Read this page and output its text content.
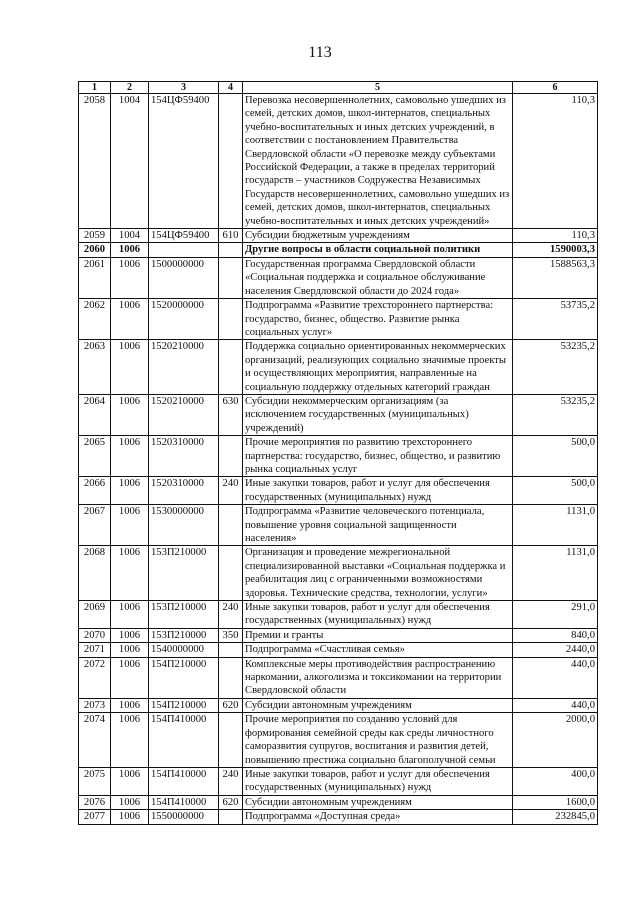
113
1	2	3	4	5	6
2058	1004	154ЦФ59400		Перевозка несовершеннолетних, самовольно ушедших из семей, детских домов, школ-интернатов, специальных учебно-воспитательных и иных детских учреждений, в соответствии с постановлением Правительства Свердловской области «О перевозке между субъектами Российской Федерации, а также в пределах территорий государств – участников Содружества Независимых Государств несовершеннолетних, самовольно ушедших из семей, детских домов, школ-интернатов, специальных учебно-воспитательных и иных детских учреждений»	110,3
2059	1004	154ЦФ59400	610	Субсидии бюджетным учреждениям	110,3
2060	1006			Другие вопросы в области социальной политики	1590003,3
2061	1006	1500000000		Государственная программа Свердловской области «Социальная поддержка и социальное обслуживание населения Свердловской области до 2024 года»	1588563,3
2062	1006	1520000000		Подпрограмма «Развитие трехстороннего партнерства: государство, бизнес, общество. Развитие рынка социальных услуг»	53735,2
2063	1006	1520210000		Поддержка социально ориентированных некоммерческих организаций, реализующих социально значимые проекты и осуществляющих мероприятия, направленные на социальную поддержку отдельных категорий граждан	53235,2
2064	1006	1520210000	630	Субсидии некоммерческим организациям (за исключением государственных (муниципальных) учреждений)	53235,2
2065	1006	1520310000		Прочие мероприятия по развитию трехстороннего партнерства: государство, бизнес, общество, и развитию рынка социальных услуг	500,0
2066	1006	1520310000	240	Иные закупки товаров, работ и услуг для обеспечения государственных (муниципальных) нужд	500,0
2067	1006	1530000000		Подпрограмма «Развитие человеческого потенциала, повышение уровня социальной защищенности населения»	1131,0
2068	1006	153П210000		Организация и проведение межрегиональной специализированной выставки «Социальная поддержка и реабилитация лиц с ограниченными возможностями здоровья. Технические средства, технологии, услуги»	1131,0
2069	1006	153П210000	240	Иные закупки товаров, работ и услуг для обеспечения государственных (муниципальных) нужд	291,0
2070	1006	153П210000	350	Премии и гранты	840,0
2071	1006	1540000000		Подпрограмма «Счастливая семья»	2440,0
2072	1006	154П210000		Комплексные меры противодействия распространению наркомании, алкоголизма и токсикомании на территории Свердловской области	440,0
2073	1006	154П210000	620	Субсидии автономным учреждениям	440,0
2074	1006	154П410000		Прочие мероприятия по созданию условий для формирования семейной среды как среды личностного саморазвития супругов, воспитания и развития детей, повышению престижа социально благополучной семьи	2000,0
2075	1006	154П410000	240	Иные закупки товаров, работ и услуг для обеспечения государственных (муниципальных) нужд	400,0
2076	1006	154П410000	620	Субсидии автономным учреждениям	1600,0
2077	1006	1550000000		Подпрограмма «Доступная среда»	232845,0
